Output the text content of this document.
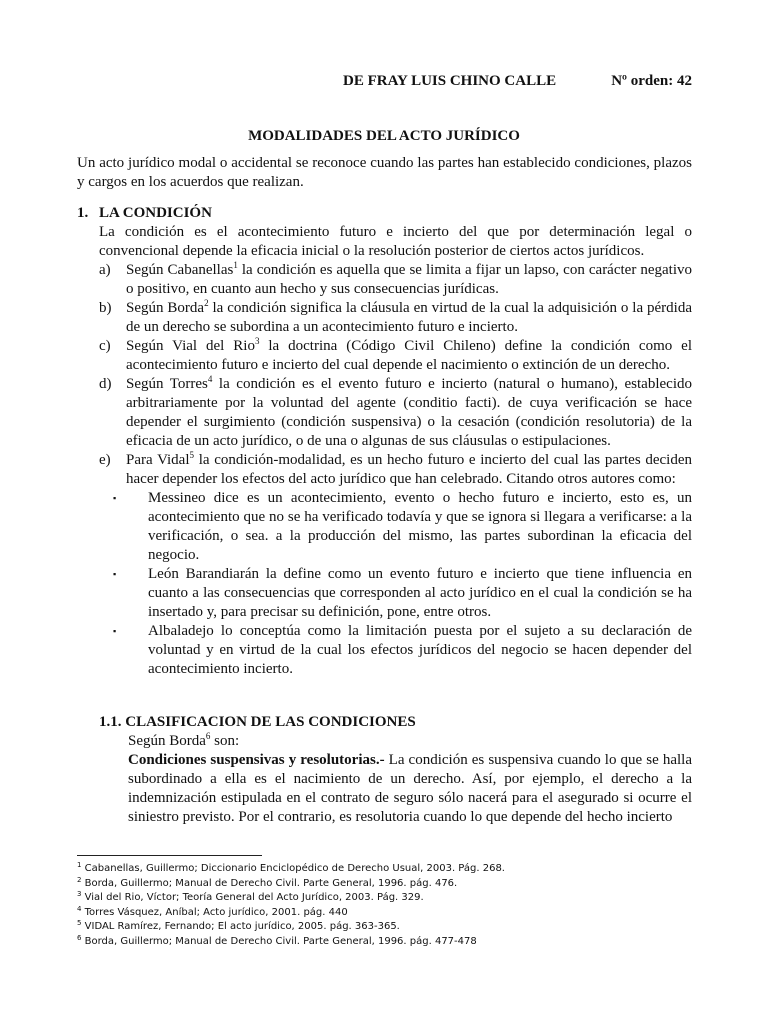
DE FRAY LUIS CHINO CALLE	Nº orden: 42
MODALIDADES DEL ACTO JURÍDICO

Un acto jurídico modal o accidental se reconoce cuando las partes han establecido condiciones, plazos y cargos en los acuerdos que realizan.

1. LA CONDICIÓN

La condición es el acontecimiento futuro e incierto del que por determinación legal o convencional depende la eficacia inicial o la resolución posterior de ciertos actos jurídicos.

a)	Según Cabanellas$^1$ la condición es aquella que se limita a fijar un lapso, con carácter negativo o positivo, en cuanto aun hecho y sus consecuencias jurídicas.
b) Según Borda$^2$ la condición significa la cláusula en virtud de la cual la adquisición o la pérdida de un derecho se subordina a un acontecimiento futuro e incierto.
c)	Según Vial del Rio$^3$ la doctrina (Código Civil Chileno) define la condición como el acontecimiento futuro e incierto del cual depende el nacimiento o extinción de un derecho.
d) Según Torres$^4$ la condición es el evento futuro e incierto (natural o humano), establecido arbitrariamente por la voluntad del agente (conditio facti). de cuya verificación se hace depender el surgimiento (condición suspensiva) o la cesación (condición resolutoria) de la eficacia de un acto jurídico, o de una o algunas de sus cláusulas o estipulaciones.
e)	Para Vidal$^5$ la condición-modalidad, es un hecho futuro e incierto del cual las partes deciden hacer depender los efectos del acto jurídico que han celebrado. Citando otros autores como:
▪	Messineo dice es un acontecimiento, evento o hecho futuro e incierto, esto es, un acontecimiento que no se ha verificado todavía y que se ignora si llegara a verificarse: a la verificación, o sea. a la producción del mismo, las partes subordinan la eficacia del negocio.
▪	León Barandiarán la define como un evento futuro e incierto que tiene influencia en cuanto a las consecuencias que corresponden al acto jurídico en el cual la condición se ha insertado y, para precisar su definición, pone, entre otros.
▪	Albaladejo lo conceptúa como la limitación puesta por el sujeto a su declaración de voluntad y en virtud de la cual los efectos jurídicos del negocio se hacen depender del acontecimiento incierto.
1.1. CLASIFICACION DE LAS CONDICIONES

Según Borda$^6$ son:

Condiciones suspensivas y resolutorias.- La condición es suspensiva cuando lo que se halla subordinado a ella es el nacimiento de un derecho. Así, por ejemplo, el derecho a la indemnización estipulada en el contrato de seguro sólo nacerá para el asegurado si ocurre el siniestro previsto. Por el contrario, es resolutoria cuando lo que depende del hecho incierto

$^1$ Cabanellas, Guillermo; Diccionario Enciclopédico de Derecho Usual, 2003. Pág. 268.
$^2$ Borda, Guillermo; Manual de Derecho Civil. Parte General, 1996. pág. 476.
$^3$ Vial del Rio, Víctor; Teoría General del Acto Jurídico, 2003. Pág. 329.
$^4$ Torres Vásquez, Aníbal; Acto jurídico, 2001. pág. 440
$^5$ VIDAL Ramírez, Fernando; El acto jurídico, 2005. pág. 363-365.
$^6$ Borda, Guillermo; Manual de Derecho Civil. Parte General, 1996. pág. 477-478
